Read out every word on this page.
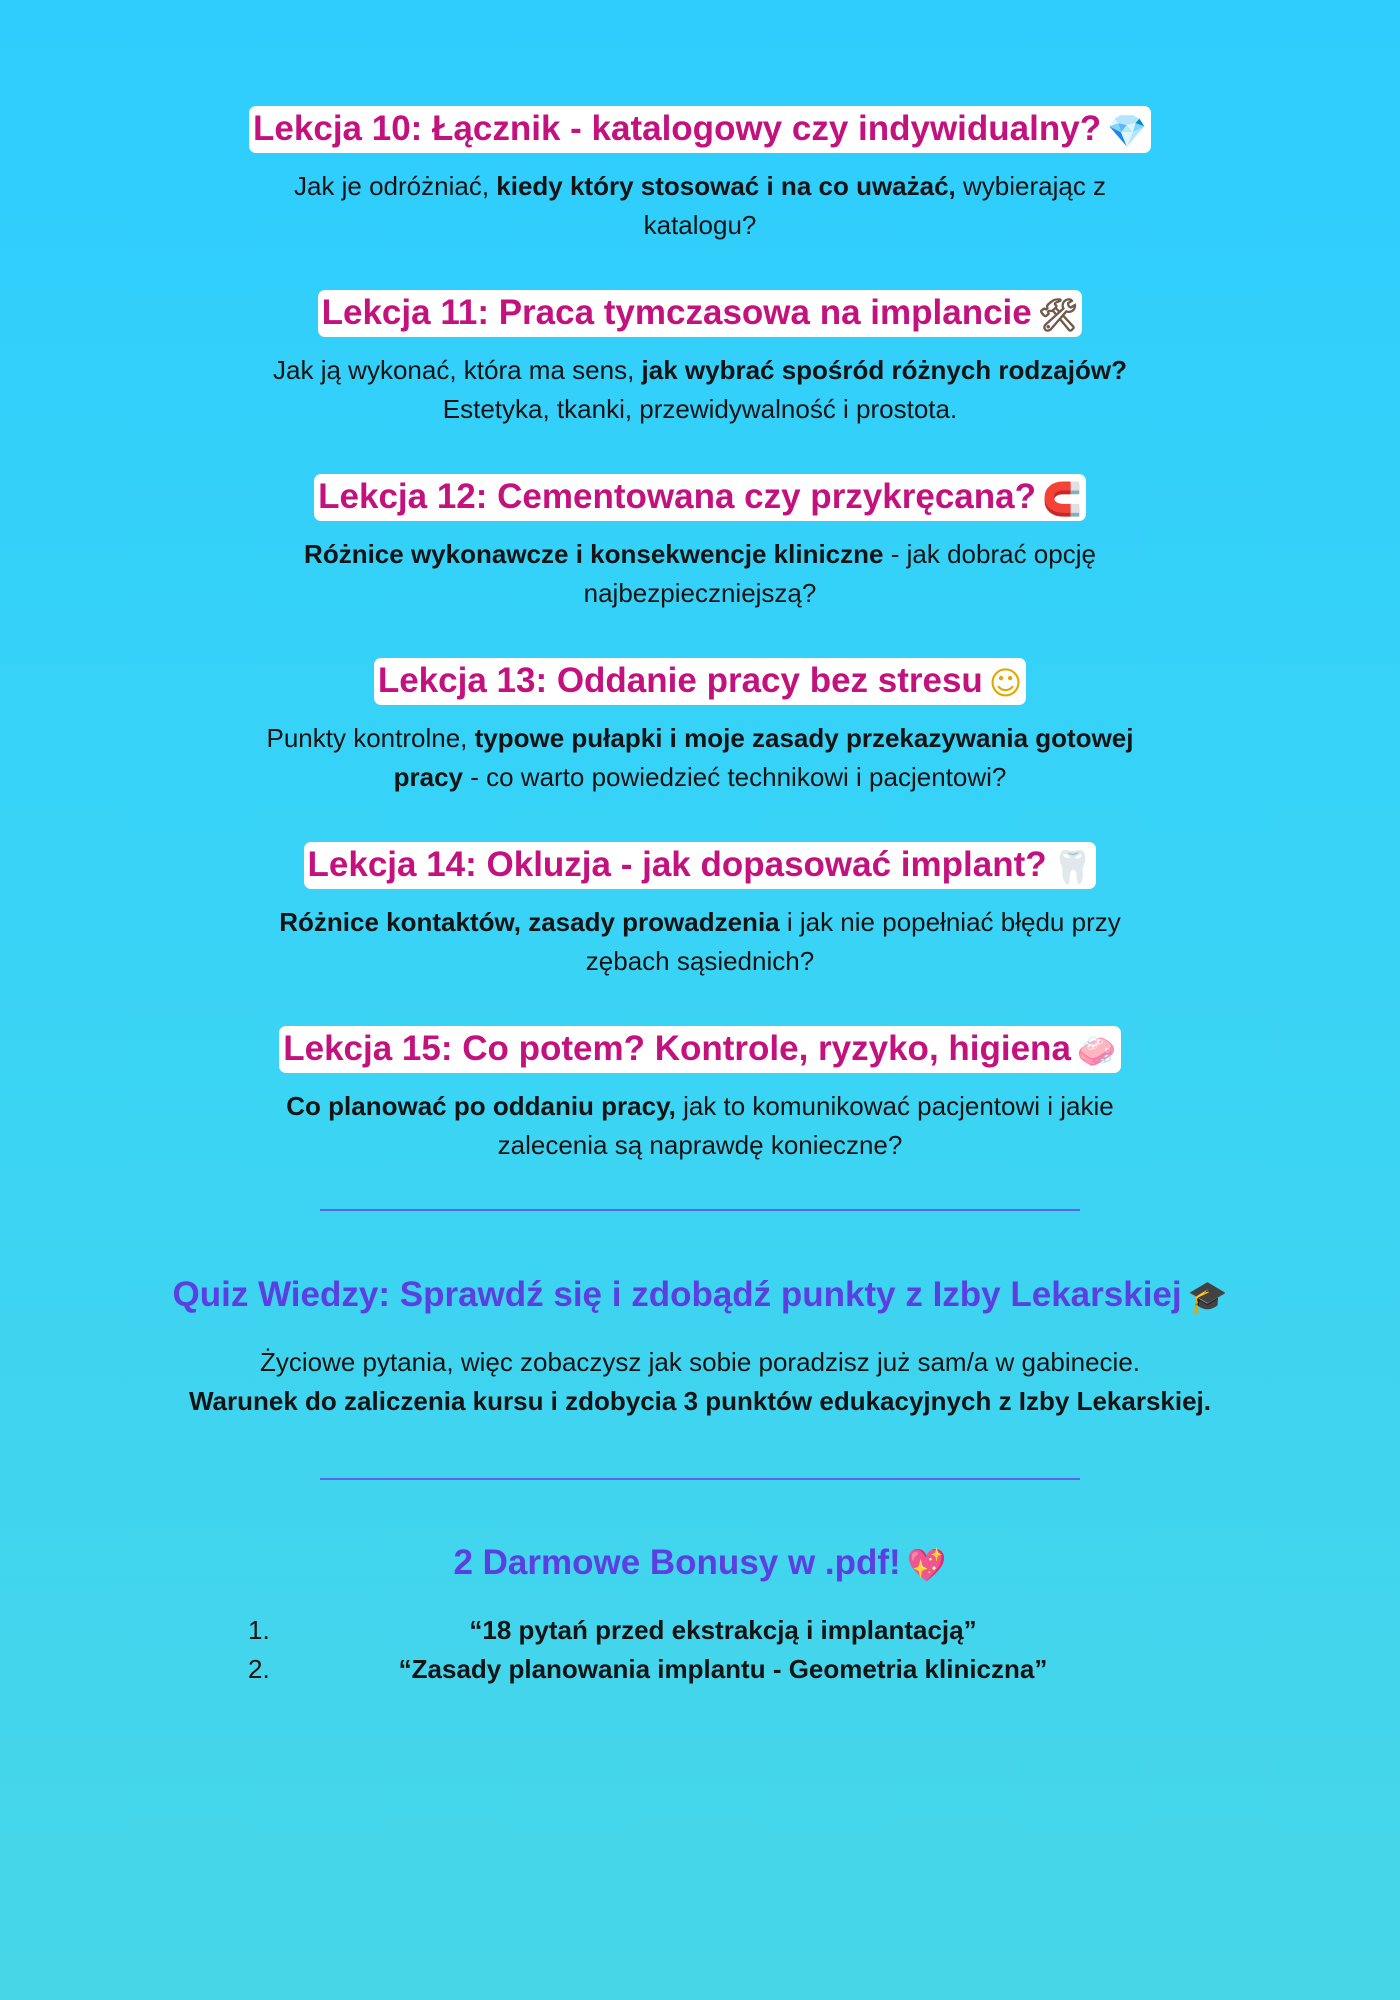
Lekcja 10: Łącznik - katalogowy czy indywidualny? 💎
Jak je odróżniać, kiedy który stosować i na co uważać, wybierając z
katalogu?
Lekcja 11: Praca tymczasowa na implancie 🛠
Jak ją wykonać, która ma sens, jak wybrać spośród różnych rodzajów?
Estetyka, tkanki, przewidywalność i prostota.
Lekcja 12: Cementowana czy przykręcana? 🧲
Różnice wykonawcze i konsekwencje kliniczne - jak dobrać opcję
najbezpieczniejszą?
Lekcja 13: Oddanie pracy bez stresu ☺
Punkty kontrolne, typowe pułapki i moje zasady przekazywania gotowej
pracy - co warto powiedzieć technikowi i pacjentowi?
Lekcja 14: Okluzja - jak dopasować implant? 🦷
Różnice kontaktów, zasady prowadzenia i jak nie popełniać błędu przy
zębach sąsiednich?
Lekcja 15: Co potem? Kontrole, ryzyko, higiena 🧼
Co planować po oddaniu pracy, jak to komunikować pacjentowi i jakie
zalecenia są naprawdę konieczne?
Quiz Wiedzy: Sprawdź się i zdobądź punkty z Izby Lekarskiej 🎓
Życiowe pytania, więc zobaczysz jak sobie poradzisz już sam/a w gabinecie.
Warunek do zaliczenia kursu i zdobycia 3 punktów edukacyjnych z Izby Lekarskiej.
2 Darmowe Bonusy w .pdf! 💖
1.	“18 pytań przed ekstrakcją i implantacją”
2.	“Zasady planowania implantu - Geometria kliniczna”
